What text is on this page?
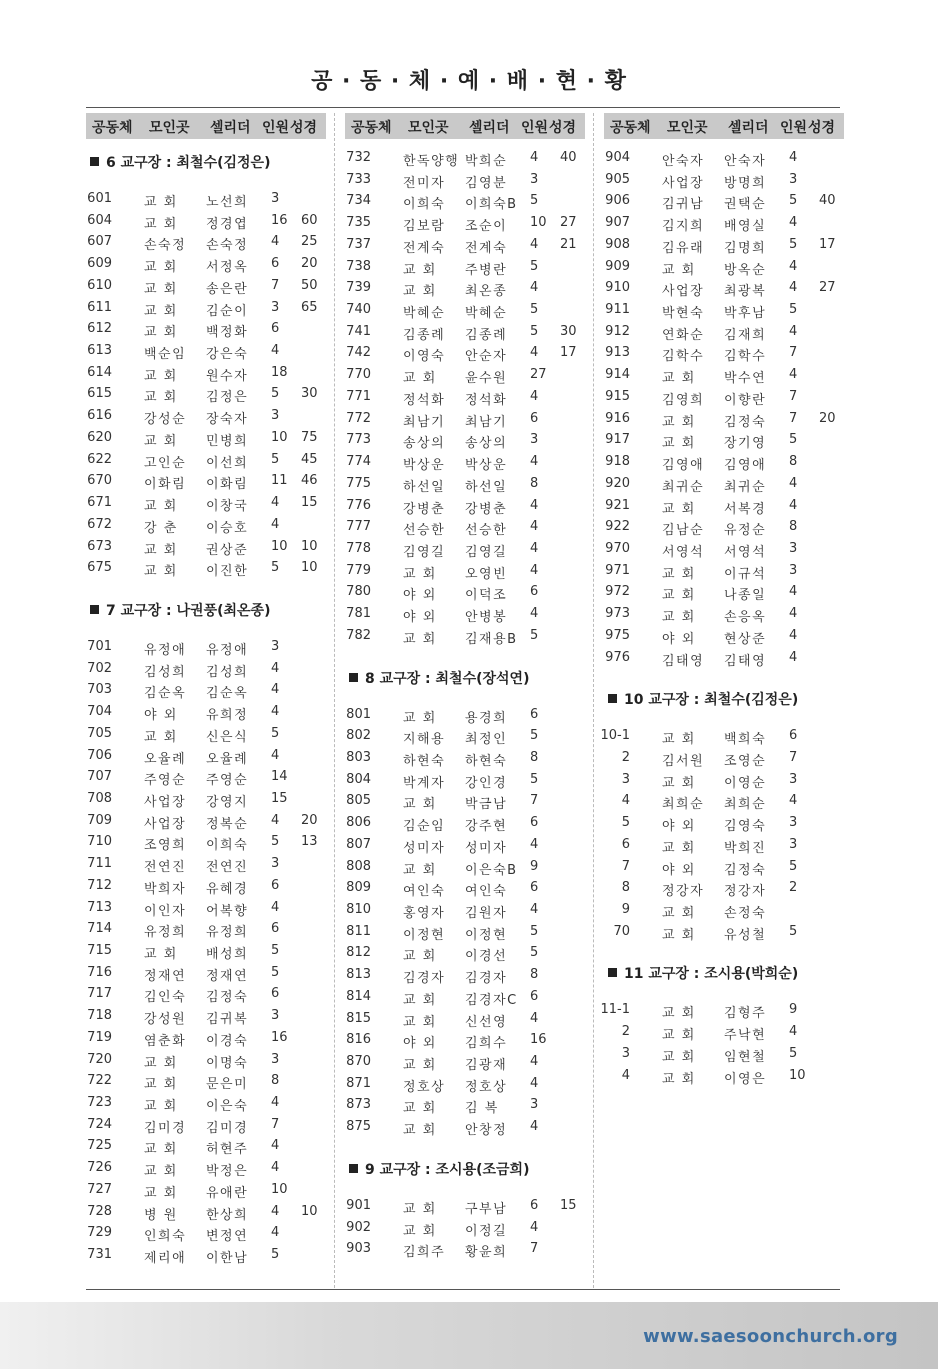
공 · 동 · 체 · 예 · 배 · 현 · 황
공동체 모인곳 셀리더 인원 성경
6 교구장 : 최철수(김정은)
601 교 회 노선희 3
604 교 회 정경엽 16 60
607 손숙정 손숙정 4 25
609 교 회 서정옥 6 20
610 교 회 송은란 7 50
611 교 회 김순이 3 65
612 교 회 백정화 6
613 백순임 강은숙 4
614 교 회 원수자 18
615 교 회 김정은 5 30
616 강성순 장숙자 3
620 교 회 민병희 10 75
622 고인순 이선희 5 45
670 이화림 이화림 11 46
671 교 회 이창국 4 15
672 강 춘 이승호 4
673 교 회 권상준 10 10
675 교 회 이진한 5 10
7 교구장 : 나권풍(최온종)
701 유정애 유정애 3
702 김성희 김성희 4
703 김순옥 김순옥 4
704 야 외 유희정 4
705 교 회 신은식 5
706 오율례 오율례 4
707 주영순 주영순 14
708 사업장 강영지 15
709 사업장 정복순 4 20
710 조영희 이희숙 5 13
711 전연진 전연진 3
712 박희자 유혜경 6
713 이인자 어복향 4
714 유정희 유정희 6
715 교 회 배성희 5
716 정재연 정재연 5
717 김인숙 김정숙 6
718 강성원 김귀복 3
719 염춘화 이경숙 16
720 교 회 이명숙 3
722 교 회 문은미 8
723 교 회 이은숙 4
724 김미경 김미경 7
725 교 회 허현주 4
726 교 회 박정은 4
727 교 회 유애란 10
728 병 원 한상희 4 10
729 인희숙 변정연 4
731 제리애 이한남 5
공동체 모인곳 셀리더 인원 성경
732 한독양행 박희순 4 40
733 전미자 김영분 3
734 이희숙 이희숙B 5
735 김보람 조순이 10 27
737 전계숙 전계숙 4 21
738 교 회 주병란 5
739 교 회 최온종 4
740 박혜순 박혜순 5
741 김종례 김종례 5 30
742 이영숙 안순자 4 17
770 교 회 윤수원 27
771 정석화 정석화 4
772 최남기 최남기 6
773 송상의 송상의 3
774 박상운 박상운 4
775 하선일 하선일 8
776 강병춘 강병춘 4
777 선승한 선승한 4
778 김영길 김영길 4
779 교 회 오영빈 4
780 야 외 이덕조 6
781 야 외 안병봉 4
782 교 회 김재용B 5
8 교구장 : 최철수(장석연)
801 교 회 용경희 6
802 지해용 최정인 5
803 하현숙 하현숙 8
804 박계자 강인경 5
805 교 회 박금남 7
806 김순임 강주현 6
807 성미자 성미자 4
808 교 회 이은숙B 9
809 여인숙 여인숙 6
810 홍영자 김원자 4
811 이정현 이정현 5
812 교 회 이경선 5
813 김경자 김경자 8
814 교 회 김경자C 6
815 교 회 신선영 4
816 야 외 김희수 16
870 교 회 김광재 4
871 정호상 정호상 4
873 교 회 김 복 3
875 교 회 안창정 4
9 교구장 : 조시용(조금희)
901 교 회 구부남 6 15
902 교 회 이정길 4
903 김희주 황윤희 7
공동체 모인곳 셀리더 인원 성경
904 안숙자 안숙자 4
905 사업장 방명희 3
906 김귀남 권택순 5 40
907 김지희 배영실 4
908 김유래 김명희 5 17
909 교 회 방옥순 4
910 사업장 최광복 4 27
911 박현숙 박후남 5
912 연화순 김재희 4
913 김학수 김학수 7
914 교 회 박수연 4
915 김영희 이향란 7
916 교 회 김정숙 7 20
917 교 회 장기영 5
918 김영애 김영애 8
920 최귀순 최귀순 4
921 교 회 서복경 4
922 김남순 유정순 8
970 서영석 서영석 3
971 교 회 이규석 3
972 교 회 나종일 4
973 교 회 손응옥 4
975 야 외 현상준 4
976 김태영 김태영 4
10 교구장 : 최철수(김정은)
10-1 교 회 백희숙 6
2 김서원 조영순 7
3 교 회 이영순 3
4 최희순 최희순 4
5 야 외 김영숙 3
6 교 회 박희진 3
7 야 외 김정숙 5
8 정강자 정강자 2
9 교 회 손정숙
70 교 회 유성철 5
11 교구장 : 조시용(박희순)
11-1 교 회 김형주 9
2 교 회 주낙현 4
3 교 회 임현철 5
4 교 회 이영은 10
www.saesoonchurch.org
